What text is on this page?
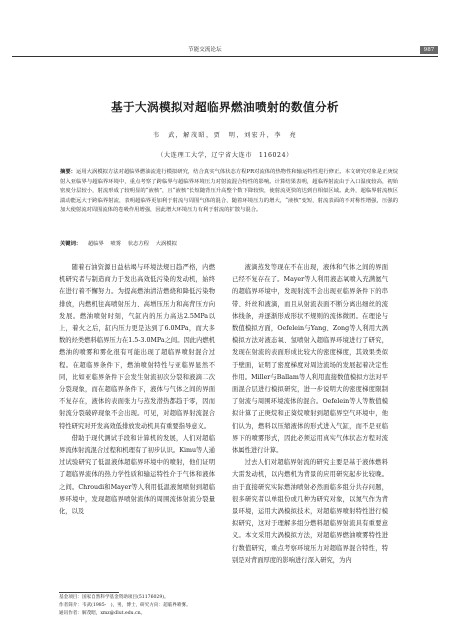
节能交流论坛	987
基于大涡模拟对超临界燃油喷射的数值分析
韦　武，解茂昭，贾　明，刘宏升，李　亮
（大连理工大学，辽宁省大连市　116024）
摘要：运用大涡模拟方法对超临界燃油流进行模拟研究，结合真实气体状态方程PR对流体的热物性和输运特性进行修正。本文研究对象是正庚烷射入亚临界与超临界环境中，重点考察了跨临界与超临界环境压力对射流混合特性的影响。计算结果表明，超临界射流由于入口温度较高，初始密度分层较小，射流形成了较明显的“液核”，且“液核”长短随背压升高整个数下降较快，使射流更快的达到自相似区域。此外，超临界射流核区湍动能远大于跨临界射流，表明超临界更加利于射流与周围气体的混合，随着环境压力的增大，“液核”变短，射流表面的不对称性增强，压强的加大使射流对周围流体的卷吸作用增强，因此增大环境压力有利于射流的扩散与混合。
关键词： 超临界 喷雾 状态方程 大涡模拟

随着石油资源日益枯竭与环境法规日趋严格，内燃机研究者与制造商力于发出高效低污染的发动机，始终在进行着不懈努力。为提高燃油清洁燃烧和降低污染物排放，内燃机往高喷射压力、高增压压力和高背压方向发展。燃油喷射时刻，气缸内的压力高达2.5MPa以上，着火之后，缸内压力更是达到了6.0MPa，而大多数的烃类燃料临界压力在1.5-3.0MPa之间。因此内燃机燃油的喷雾和雾化很有可能出现了超临界喷射混合过程。在超临界条件下，燃油喷射特性与亚临界显然不同，比如亚临界条件下会发生射流初次分裂和液滴二次分裂现象，而在超临界条件下，液体与气体之间的界面不复存在，液体的表面张力与蒸发潜热都趋于零，因而射流分裂破碎现象不会出现。可见，对超临界射流混合特性研究对开发高效低排放发动机具有重要指导意义。

借助于现代测试手段和计算机的发展，人们对超临界流体射流混合过程和机理有了初步认识。Kimu等人通过试验研究了低温液体超临界环境中的喷射，他们证明了超临界流体的热力学性质和输运特性介于气体和液体之间。Chroudi和Mayer等人利用低温液氮喷射到超临界环境中，发现超临界喷射流体的周围流体射流分裂量化，以及

液滴蒸发等现在不在出现，液体和气体之间的界面已经不复存在了。Mayer等人利用液态氧喷入充满氦气的超临界环境中，发现射流不会出现亚临界条件下的串带、纤丝和液滴，而且从射流表面不断分离出细丝的流体线条，并逐渐形成形状不规则的流体微团。在理论与数值模拟方面，Oefelein与Yang、Zong等人利用大涡模拟方法对液态氧、氢喷射入超临界环境进行了研究，发现在射流的表面形成比较大的密度梯度，其效果类似于壁面，证明了密度梯度对周边流场的发展起着决定性作用。Miller与Ballam等人利用直接数值模拟方法对平面混合层进行模拟研究，进一步说明大的密度梯度限制了射流与周围环境流体的混合。Oefelein等人等数值模拟计算了正庚烷和正葵烷喷射到超临界空气环境中，他们认为，燃料以压缩液体的形式进入气缸，而不是亚临界下的喷雾形式，因此必须运用真实气体状态方程对流体属性进行计算。

过去人们对超临界射流的研究主要是基于液体燃料大雷发动机，以内燃机为背景的应用研究起步比较晚。由于直接研究实际燃油喷射必然面临多组分共存问题，很多研究者以单组份或几种为研究对象，以氮气作为背景环境，运用大涡模拟技术，对超临界喷射特性进行模拟研究，这对于理解多组分燃料超临界射流具有重要意义。本文采用大涡模拟方法，对超临界燃油喷雾特性进行数值研究，重点考察环境压力对超临界混合特性，特别是对背面厚度的影响进行深入研究，为内

基金项目：国家自然科学基金资助项目(51176029)。
作者简介：韦武(1985-　)，男，博士，研究方向：超临界喷雾。
通讯作者：解茂昭，xmz@dlut.edu.cn。
